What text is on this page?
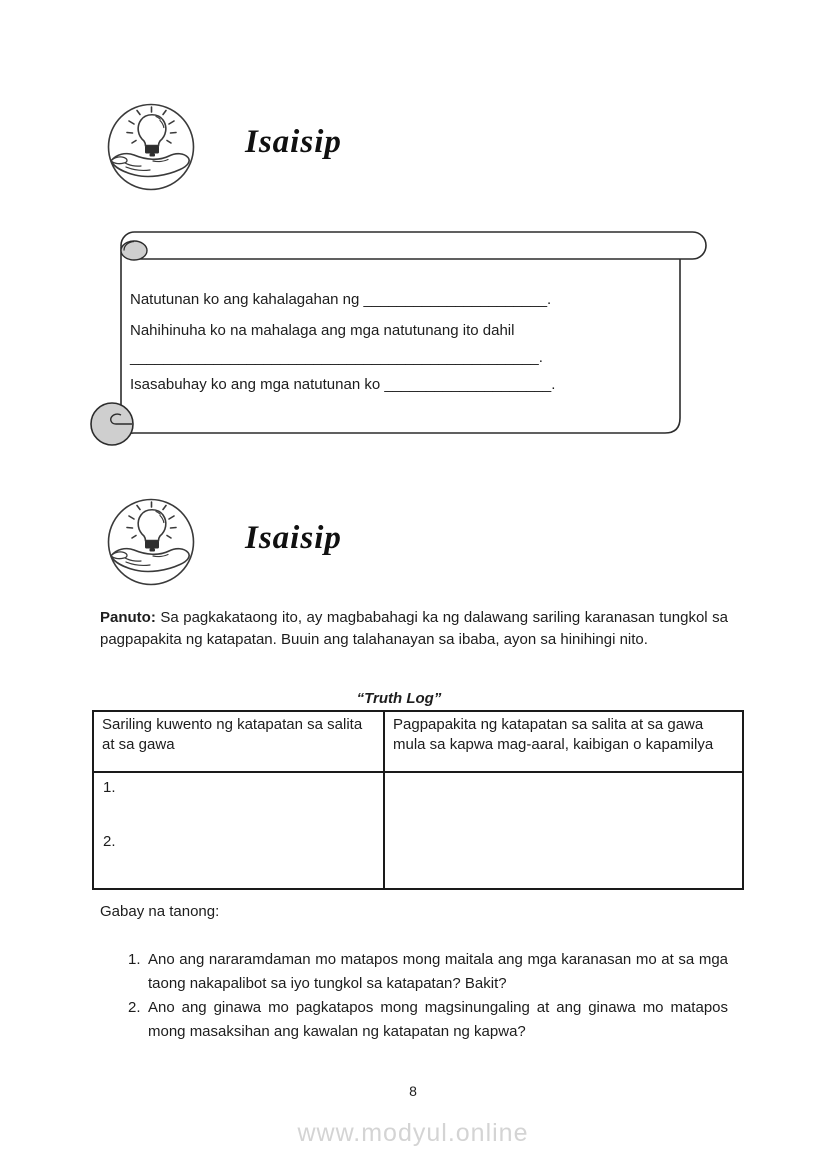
Isaisip
Natutunan ko ang kahalagahan ng ______________________.
Nahihinuha ko na mahalaga ang mga natutunang ito dahil
_________________________________________________.
Isasabuhay ko ang mga natutunan ko ____________________.
Isaisip
Panuto: Sa pagkakataong ito, ay magbabahagi ka ng dalawang sariling karanasan tungkol sa pagpapakita ng katapatan. Buuin ang talahanayan sa ibaba, ayon sa hinihingi nito.
“Truth Log”
Sariling kuwento ng katapatan sa salita at sa gawa	Pagpapakita ng katapatan sa salita at sa gawa mula sa kapwa mag-aaral, kaibigan o kapamilya

1.
2.	

Gabay na tanong:
1. Ano ang nararamdaman mo matapos mong maitala ang mga karanasan mo at sa mga taong nakapalibot sa iyo tungkol sa katapatan? Bakit?
2. Ano ang ginawa mo pagkatapos mong magsinungaling at ang ginawa mo matapos mong masaksihan ang kawalan ng katapatan ng kapwa?
8
www.modyul.online
